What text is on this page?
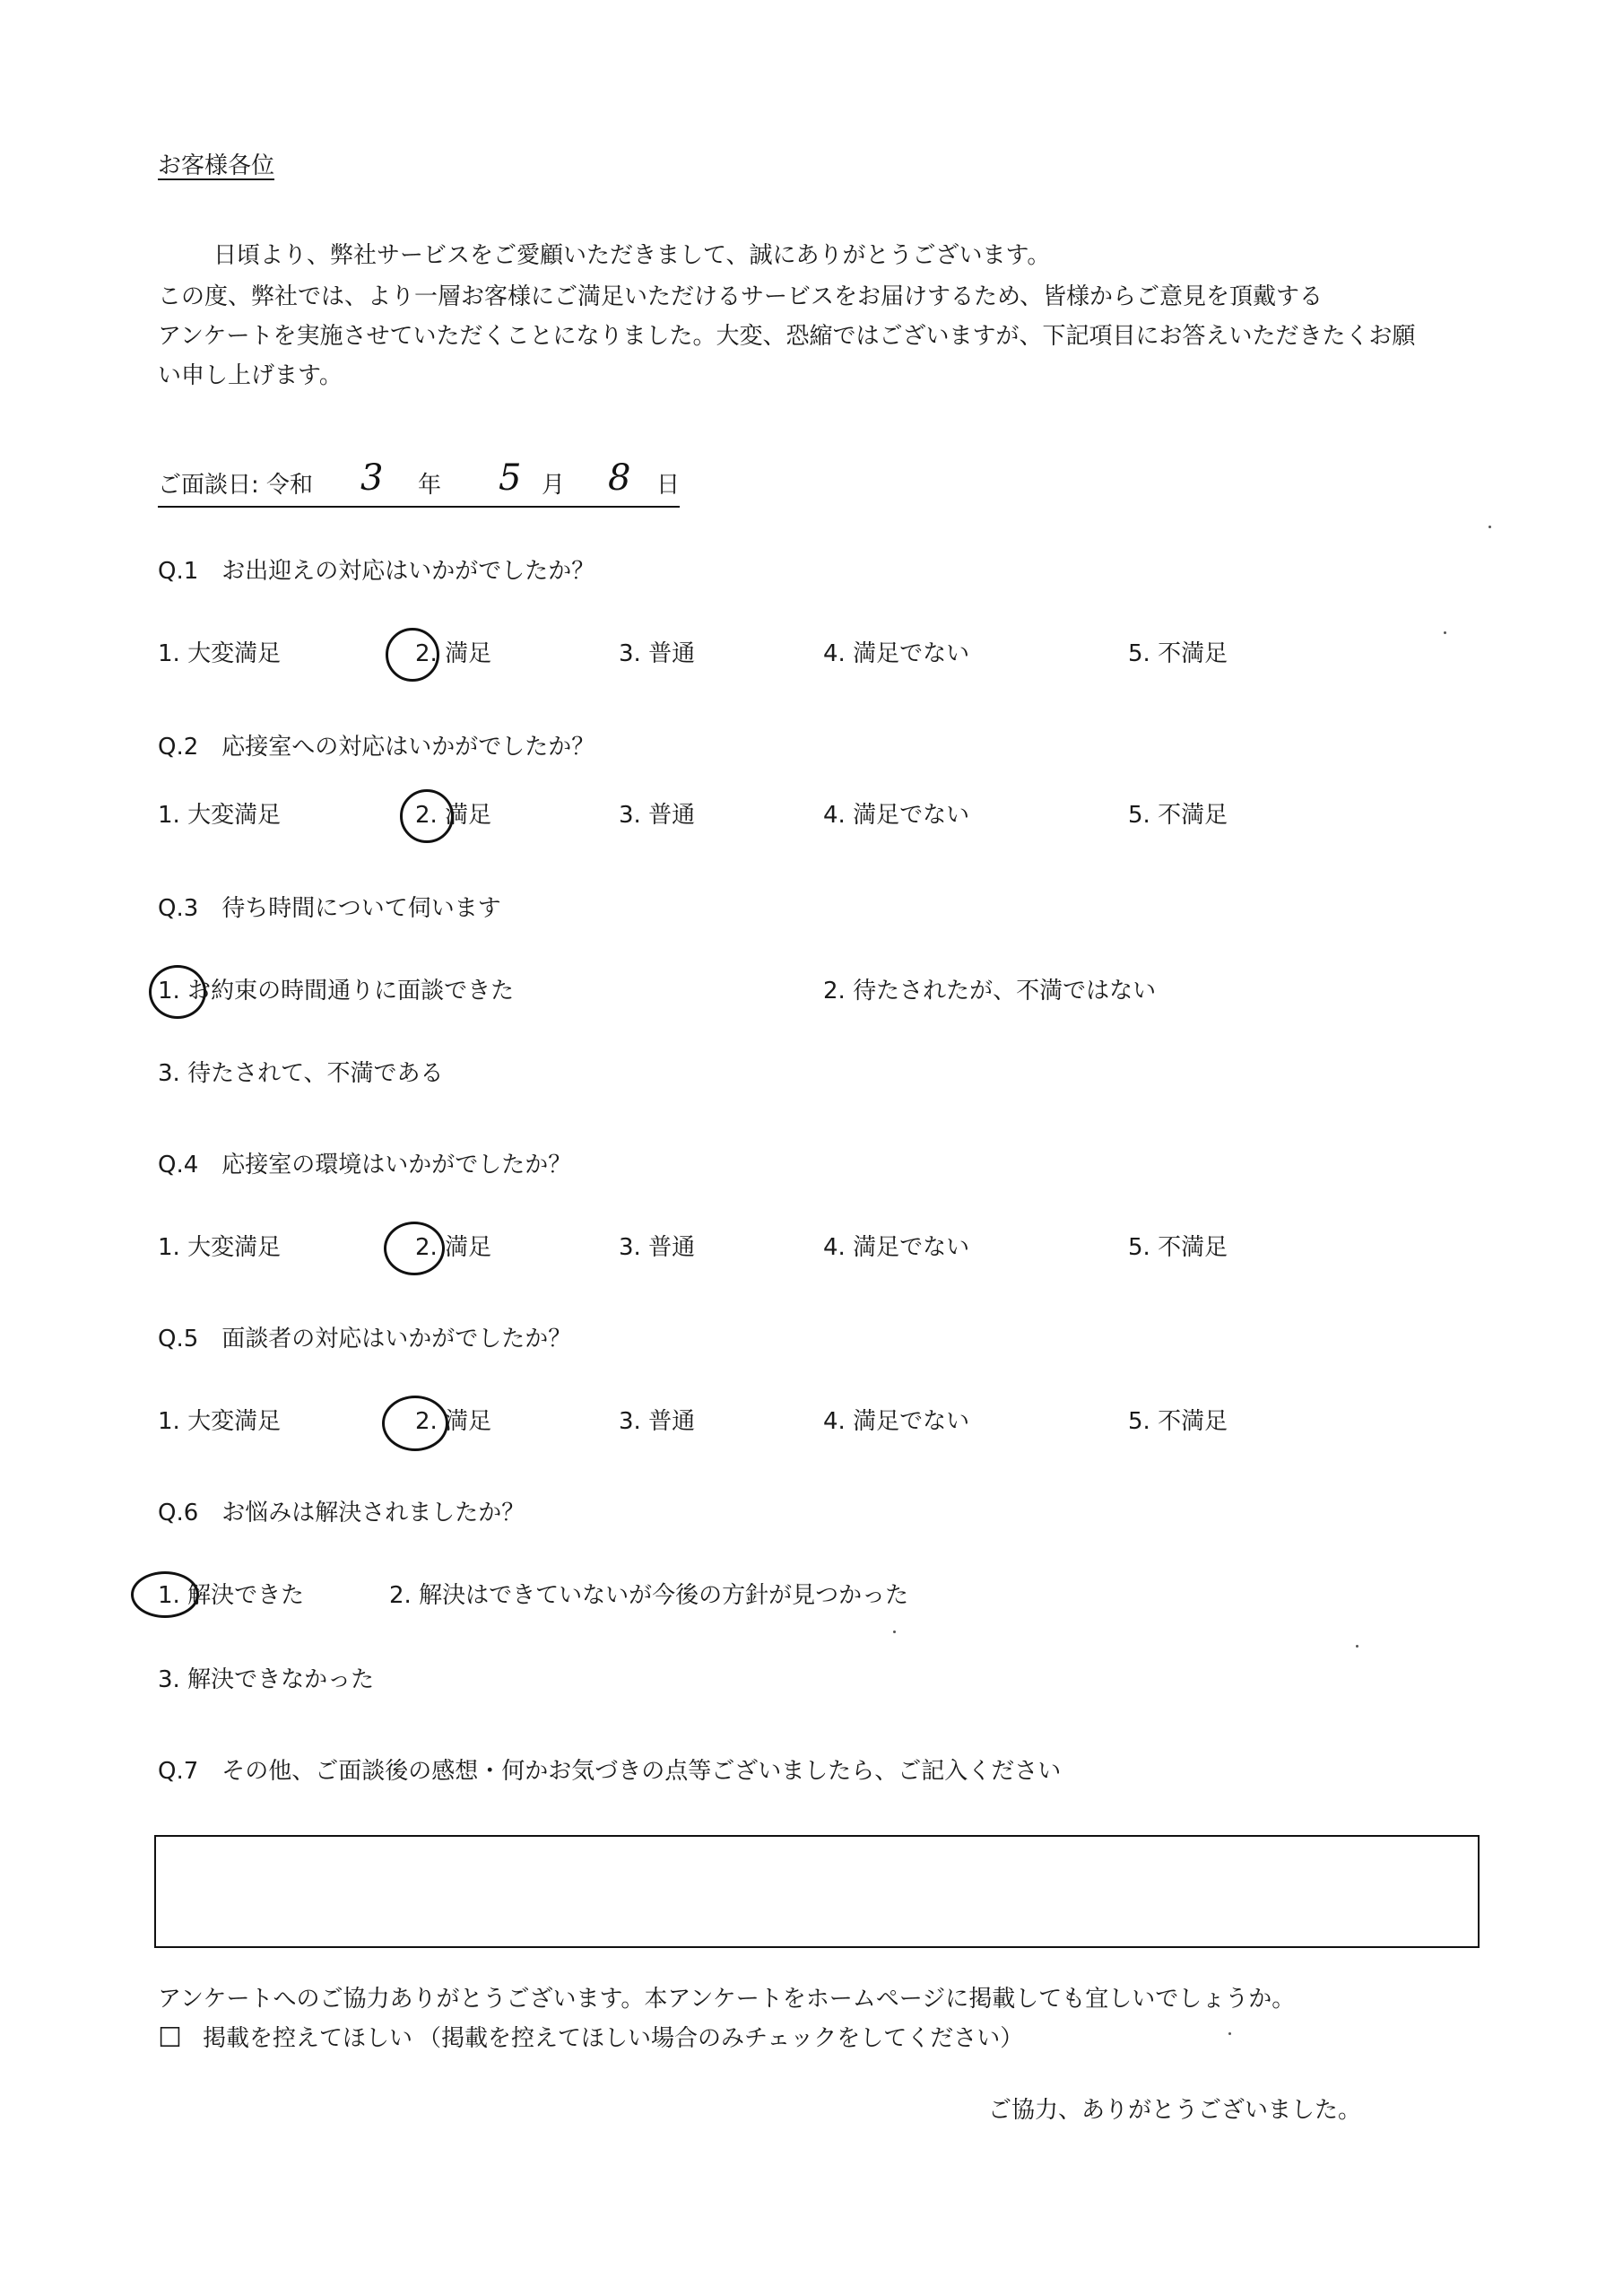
お客様各位
日頃より、弊社サービスをご愛顧いただきまして、誠にありがとうございます。
この度、弊社では、より一層お客様にご満足いただけるサービスをお届けするため、皆様からご意見を頂戴する
アンケートを実施させていただくことになりました。大変、恐縮ではございますが、下記項目にお答えいただきたくお願
い申し上げます。
ご面談日: 令和 3 年 5 月 8 日
Q.1　お出迎えの対応はいかがでしたか？
1. 大変満足	2. 満足	3. 普通	4. 満足でない	5. 不満足
Q.2　応接室への対応はいかがでしたか？
1. 大変満足	2. 満足	3. 普通	4. 満足でない	5. 不満足
Q.3　待ち時間について伺います
1. お約束の時間通りに面談できた	2. 待たされたが、不満ではない
3. 待たされて、不満である
Q.4　応接室の環境はいかがでしたか？
1. 大変満足	2. 満足	3. 普通	4. 満足でない	5. 不満足
Q.5　面談者の対応はいかがでしたか？
1. 大変満足	2. 満足	3. 普通	4. 満足でない	5. 不満足
Q.6　お悩みは解決されましたか？
1. 解決できた	2. 解決はできていないが今後の方針が見つかった
3. 解決できなかった
Q.7　その他、ご面談後の感想・何かお気づきの点等ございましたら、ご記入ください
アンケートへのご協力ありがとうございます。本アンケートをホームページに掲載しても宜しいでしょうか。
☐ 掲載を控えてほしい （掲載を控えてほしい場合のみチェックをしてください）
ご協力、ありがとうございました。
